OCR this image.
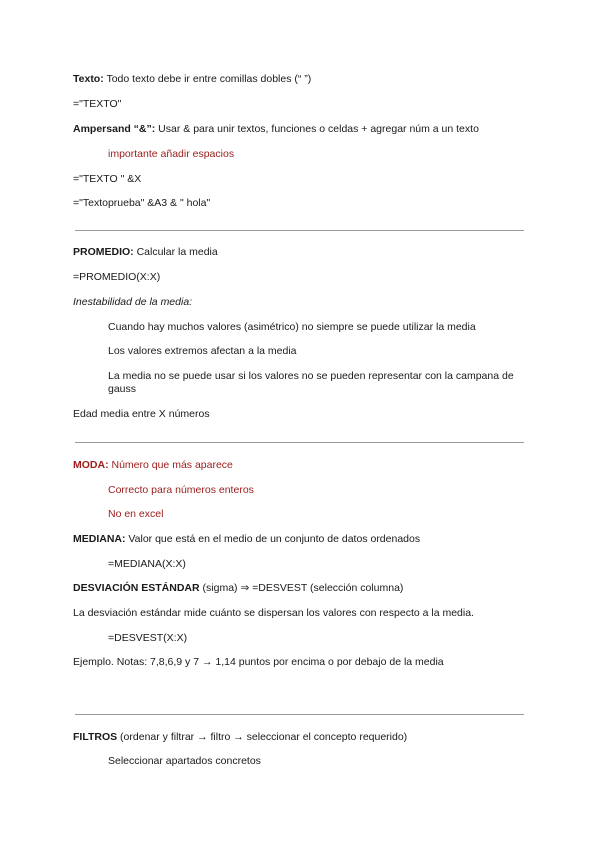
Texto: Todo texto debe ir entre comillas dobles (“ ”)
="TEXTO"
Ampersand “&”: Usar & para unir textos, funciones o celdas + agregar núm a un texto
importante añadir espacios
="TEXTO " &X
="Textoprueba" &A3 & " hola"
PROMEDIO: Calcular la media
=PROMEDIO(X:X)
Inestabilidad de la media:
Cuando hay muchos valores (asimétrico) no siempre se puede utilizar la media
Los valores extremos afectan a la media
La media no se puede usar si los valores no se pueden representar con la campana de gauss
Edad media entre X números
MODA: Número que más aparece
Correcto para números enteros
No en excel
MEDIANA: Valor que está en el medio de un conjunto de datos ordenados
=MEDIANA(X:X)
DESVIACIÓN ESTÁNDAR (sigma) ⇒ =DESVEST (selección columna)
La desviación estándar mide cuánto se dispersan los valores con respecto a la media.
=DESVEST(X:X)
Ejemplo. Notas: 7,8,6,9 y 7 → 1,14 puntos por encima o por debajo de la media
FILTROS (ordenar y filtrar → filtro → seleccionar el concepto requerido)
Seleccionar apartados concretos
